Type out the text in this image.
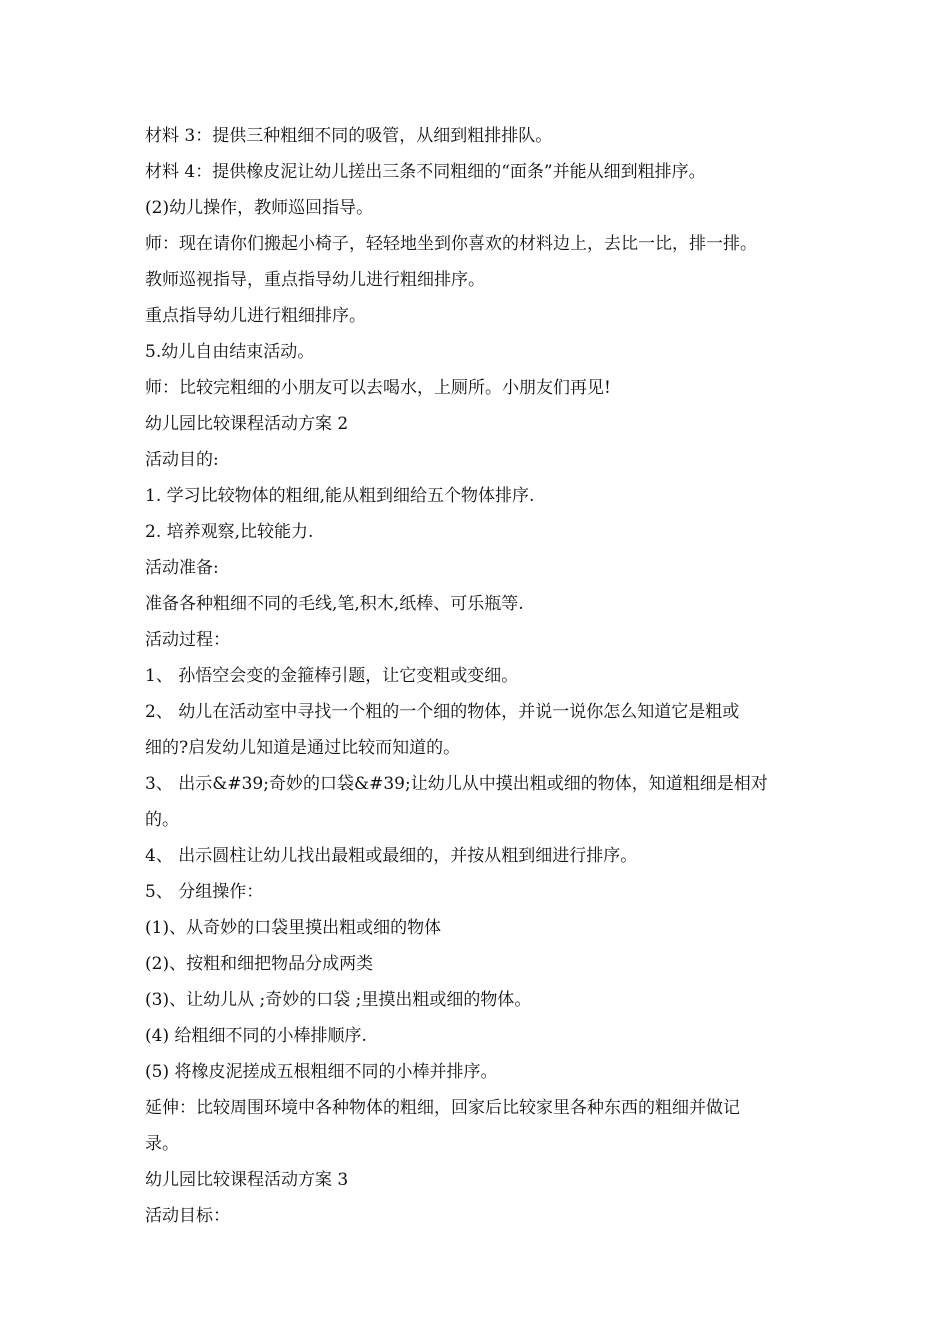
材料 3：提供三种粗细不同的吸管，从细到粗排排队。
材料 4：提供橡皮泥让幼儿搓出三条不同粗细的“面条”并能从细到粗排序。
(2)幼儿操作，教师巡回指导。
师：现在请你们搬起小椅子，轻轻地坐到你喜欢的材料边上，去比一比，排一排。
教师巡视指导，重点指导幼儿进行粗细排序。
重点指导幼儿进行粗细排序。
5.幼儿自由结束活动。
师：比较完粗细的小朋友可以去喝水，上厕所。小朋友们再见!
幼儿园比较课程活动方案 2
活动目的:
1. 学习比较物体的粗细,能从粗到细给五个物体排序.
2. 培养观察,比较能力.
活动准备:
准备各种粗细不同的毛线,笔,积木,纸棒、可乐瓶等.
活动过程：
1、 孙悟空会变的金箍棒引题，让它变粗或变细。
2、 幼儿在活动室中寻找一个粗的一个细的物体，并说一说你怎么知道它是粗或
细的?启发幼儿知道是通过比较而知道的。
3、 出示&#39;奇妙的口袋&#39;让幼儿从中摸出粗或细的物体，知道粗细是相对
的。
4、 出示圆柱让幼儿找出最粗或最细的，并按从粗到细进行排序。
5、 分组操作：
(1)、从奇妙的口袋里摸出粗或细的物体
(2)、按粗和细把物品分成两类
(3)、让幼儿从 ;奇妙的口袋 ;里摸出粗或细的物体。
(4) 给粗细不同的小棒排顺序.
(5) 将橡皮泥搓成五根粗细不同的小棒并排序。
延伸：比较周围环境中各种物体的粗细，回家后比较家里各种东西的粗细并做记
录。
幼儿园比较课程活动方案 3
活动目标：
